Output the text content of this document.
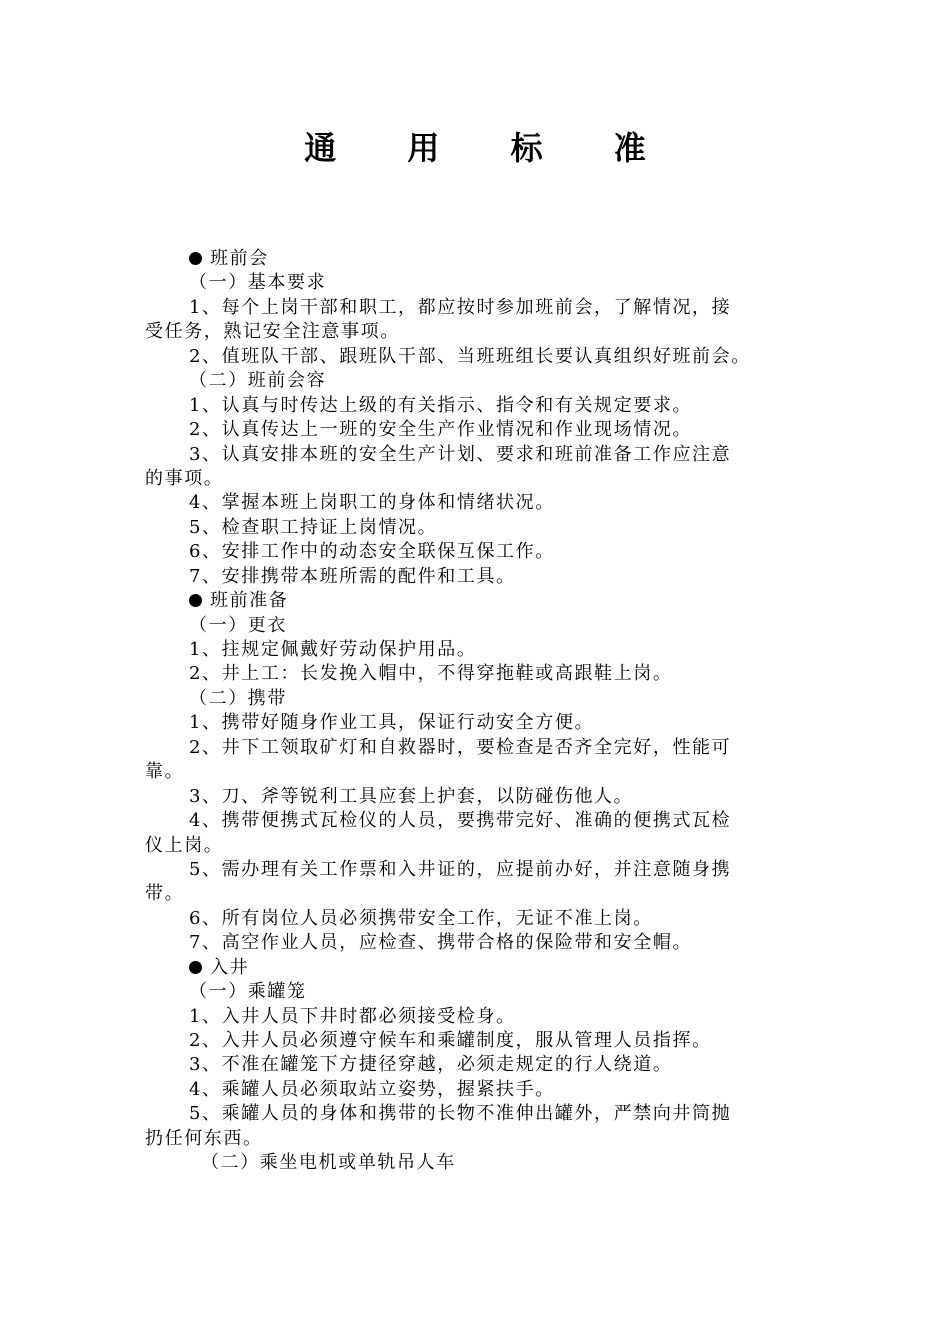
通 用 标 准
班前会
（一）基本要求
1、每个上岗干部和职工，都应按时参加班前会，了解情况，接
受任务，熟记安全注意事项。
2、值班队干部、跟班队干部、当班班组长要认真组织好班前会。
（二）班前会容
1、认真与时传达上级的有关指示、指令和有关规定要求。
2、认真传达上一班的安全生产作业情况和作业现场情况。
3、认真安排本班的安全生产计划、要求和班前准备工作应注意
的事项。
4、掌握本班上岗职工的身体和情绪状况。
5、检查职工持证上岗情况。
6、安排工作中的动态安全联保互保工作。
7、安排携带本班所需的配件和工具。
班前准备
（一）更衣
1、拄规定佩戴好劳动保护用品。
2、井上工：长发挽入帽中，不得穿拖鞋或高跟鞋上岗。
（二）携带
1、携带好随身作业工具，保证行动安全方便。
2、井下工领取矿灯和自救器时，要检查是否齐全完好，性能可
靠。
3、刀、斧等锐利工具应套上护套，以防碰伤他人。
4、携带便携式瓦检仪的人员，要携带完好、准确的便携式瓦检
仪上岗。
5、需办理有关工作票和入井证的，应提前办好，并注意随身携
带。
6、所有岗位人员必须携带安全工作，无证不准上岗。
7、高空作业人员，应检查、携带合格的保险带和安全帽。
入井
（一）乘罐笼
1、入井人员下井时都必须接受检身。
2、入井人员必须遵守候车和乘罐制度，服从管理人员指挥。
3、不准在罐笼下方捷径穿越，必须走规定的行人绕道。
4、乘罐人员必须取站立姿势，握紧扶手。
5、乘罐人员的身体和携带的长物不准伸出罐外，严禁向井筒抛
扔任何东西。
（二）乘坐电机或单轨吊人车
